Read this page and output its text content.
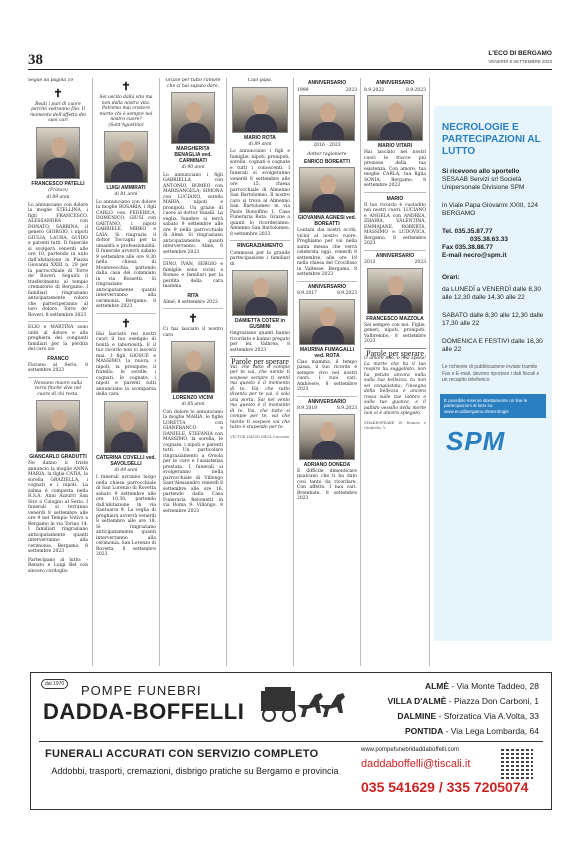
38	L'ECO DI BERGAMO
VENERDÌ 8 SETTEMBRE 2023
Segue da pagina 10
✝
Beati i puri di cuore perché vedranno Dio. Il momento dell'affetto dei suoi cari
FRANCESCO PATELLI
(Franco)
di 89 anni
Lo annunciano con dolore la moglie STELLINA, i figli FRANCESCO, ALESSANDRA con DONATO, SABRINA, il genero GIORGIO, i nipoti GIULIA, LAURA, GUIDO e parenti tutti. Il funerale si svolgerà venerdì alle ore 10, partendo in auto dall'abitazione in Piazza Giovanni XXIII n. 29 per la parrocchiale di Torre de' Roveri. Seguirà il trasferimento al tempio crematorio di Bergamo. I familiari ringraziano anticipatamente coloro che parteciperanno al loro dolore. Torre de' Roveri, 8 settembre 2023
ELIO e MARTINA sono uniti al dolore e alla preghiera dei congiunti familiari per la perdita del caro zio
FRANCO
Fiorano al Serio, 8 settembre 2023
Nessuno muore sulla terra finché vive nel cuore di chi resta.
GIANCARLO GRADUTTI
Ne danno il triste annuncio la moglie ANNA MARIA, la figlia CATIA, la sorella GRAZIELLA, i cognati e i nipoti. La salma è composta nella R.S.A. Anni Azzurri San Siro a Cologno al Serio. I funerali si terranno venerdì 8 settembre alle ore 9 nel Tempio Votivo a Bergamo in via Torino 14. I familiari ringraziano anticipatamente quanti interverranno alla cerimonia. Bergamo, 8 settembre 2023
Partecipano al lutto: - Renato e Luigi Bel con sincero cordoglio
✝
Sei uscito dalla vita ma non dalla nostra vita. Potremo mai credere morto chi è sempre nel nostro cuore? (Sant'Agostino)
LUIGI AMMIRATI
di 81 anni
Lo annunciano con dolore la moglie ROSARIA, i figli CARLO con FEDERICA, DOMENICO, GIUSI con GAETANO, i nipoti GABRIELE, MIRKO e LAIA. Si ringrazia il dottor Toccagni per la umanità e professionalità. Il funerale avverrà sabato 9 settembre alle ore 9.30 nella chiesa di Montevecchia, partendo dalla casa del commiato in via Rossetti. Si ringraziano anticipatamente quanti interverranno alla cerimonia. Bergamo, 8 settembre 2023
✝
Hai lasciato nei nostri cuori il tuo esempio di bontà e laboriosità. E il tuo ricordo non ci lascerà mai. I figli GIOSUÈ e MASSIMO, la nuora, i nipoti, la pronipote, il fratello, le sorelle, i cognati, le cognate, i nipoti e parenti tutti annunciano la scomparsa della cara
CATERINA COVELLI ved. SAVOLDELLI
di 89 anni
I funerali avranno luogo nella chiesa parrocchiale di San Lorenzo di Rovetta sabato 9 settembre alle ore 10.30, partendo dall'abitazione in via Santuario 9. La veglia di preghiera avverrà venerdì 8 settembre alle ore 18. Si ringraziano anticipatamente quanti interverranno alla cerimonia. San Lorenzo di Rovetta, 8 settembre 2023
Grazie per tutto l'amore che ci hai saputo dare.
MARGHERITA BENAGLIA ved. CARMINATI
di 90 anni
Lo annunciano i figli GABRIELLA con ANTONIO, ROMEO con MARISANGELA, SIMONA con LUCIANO, sorella MARIA, nipoti e pronipoti. Un grazie di cuore al dottor Vasalli. La veglia funebre si terrà sabato 9 settembre alle ore 9 nella parrocchiale di Almè. Si ringraziano anticipatamente quanti interverranno. Almè, 8 settembre 2023
DINO, IVAN, SERGIO e famiglie sono vicini a Romeo e familiari per la perdita della cara mamma
RITA
Almè, 8 settembre 2023
✝
Ci hai lasciato il nostro caro
LORENZO VICINI
di 85 anni
Con dolore lo annunciano la moglie MARIA, le figlie LORETTA con GIANFRANCO e DANIELE, STEFANIA con MASSIMO, la sorella, le cognate, i nipoti e parenti tutti. Un particolare ringraziamento a Orsola per le cure e l'assistenza prestata. I funerali si svolgeranno nella parrocchiale di Villongo Sant'Alessandro venerdì 8 settembre alle ore 16, partendo dalla Casa Funeraria Belometti in via Roma 9. Villongo, 8 settembre 2023
Ciao papà.
MARIO ROTA
di 89 anni
Lo annunciano i figli e famiglie, nipoti, pronipoti, sorella, cognati e cognate e tutti i conoscenti. I funerali si svolgeranno venerdì 8 settembre alle ore 15, chiesa parrocchiale di Almenno San Bartolomeo. Il nostro caro si trova al Almenno San Bartolomeo in via Paolo Bonolfino 1, Casa Funeraria Rota. Grazie a quanti lo ricorderanno. Almenno San Bartolomeo, 8 settembre 2023
RINGRAZIAMENTO
Commossi per la grande partecipazione i familiari di
DAMIETTA COTER in GUSMINI
ringraziano quanti hanno ricordato e hanno pregato per lei. Valbrea, 8 settembre 2023
Parole per sperare
Vai, che tutto si compie per te vai, che niente ti sospese sempre ti sentii ma questo è il momento di te. Vai, che tutto diventa per te vai, è solo una porta. Sai nel vento ma questo è il momento di te. Vai, che tutto si compie per te, vai che niente ti sospese vai che tutto è stupendo per te.
VICTOR DAVID MÍOL Lucerna
ANNIVERSARIO
1999	2023
2016 · 2023
dottor ragioniere
ENRICO BOREATTI
GIOVANNA AGNESI ved. BOREATTI
Lontani dai nostri occhi, vicini al nostro cuore. Preghiamo per voi nella santa messa che verrà celebrata oggi, venerdì 8 settembre, alle ore 18 nella chiesa del Crocifisso in Valtesse. Bergamo, 8 settembre 2023
ANNIVERSARIO
8.9.2017	8.9.2023
MAURINA FUMAGALLI ved. ROTA
Ciao mamma, il tempo passa, il tuo ricordo è sempre vivo nei nostri cuori. I tuoi cari. Ambivere, 8 settembre 2023
ANNIVERSARIO
8.9.2018	8.9.2023
ADRIANO DONEDA
È difficile dimenticare qualcuno che ti ha dato così tanto da ricordare. Con affetto. I tuoi cari. Brembate, 8 settembre 2023
ANNIVERSARIO
8.9.2022	8.9.2023
MARIO VITARI
Hai lasciato nei nostri cuori le tracce più preziose della tua esistenza. Con amore, tua moglie CARLA, tua figlia SONIA. Bergamo, 8 settembre 2023
MARIO
Il tuo ricordo è custodito nei nostri cuori. LUCIANO e ANGELA con ANDREA, ZHAIRA, VALENTINA, EMMAJANE, ROBERTA, MASSIMO e LUDOVICA. Bergamo, 8 settembre 2023
ANNIVERSARIO
2013	2023
FRANCESCO MAZZOLA
Sei sempre con noi. Figlie, generi, nipoti, pronipoti. Valbrembo, 8 settembre 2023
Parole per sperare
O amore mio, o mia sposa! La morte che ha il tuo respiro ha suggellato, non ha potuto ancora nulla sulla tua bellezza: tu non sei conquistata; l'insegna della bellezza è ancora rossa sulle tue labbra e sulle tue guance, e il pallido vessillo della morte non vi è ancora spiegato.
SHAKESPEARE W. Romeo e Giulietta, V
NECROLOGIE E PARTECIPAZIONI AL LUTTO
Si ricevono allo sportello
SESAAB Servizi srl Società Unipersonale Divisione SPM
in Viale Papa Giovanni XXIII, 124 BERGAMO
Tel. 035.35.87.77
035.38.63.33
Fax 035.38.88.77
E-mail necro@spm.it
Orari:
da LUNEDÌ a VENERDÌ dalle 8,30 alle 12,30 dalle 14,30 alle 22
SABATO dalle 8,30 alle 12,30 dalle 17,30 alle 22
DOMENICA E FESTIVI dalle 16,30 alle 22
Le richieste di pubblicazione inviate tramite Fax e E-mail, devono riportare i dati fiscali e un recapito telefonico
È possibile inserire direttamente on line le partecipazioni al lutto su: www.ecodibergamo.it/necrologie
SPM
dal 1970	POMPE FUNEBRI
DADDA-BOFFELLI
ALMÈ - Via Monte Taddeo, 28
VILLA D'ALMÈ - Piazza Don Carboni, 1
DALMINE - Sforzatica Via A.Volta, 33
PONTIDA - Via Lega Lombarda, 64
FUNERALI ACCURATI CON SERVIZIO COMPLETO
Addobbi, trasporti, cremazioni, disbrigo pratiche su Bergamo e provincia
www.pompefunebridaddaboffelli.com
daddaboffelli@tiscali.it
035 541629 / 335 7205074
